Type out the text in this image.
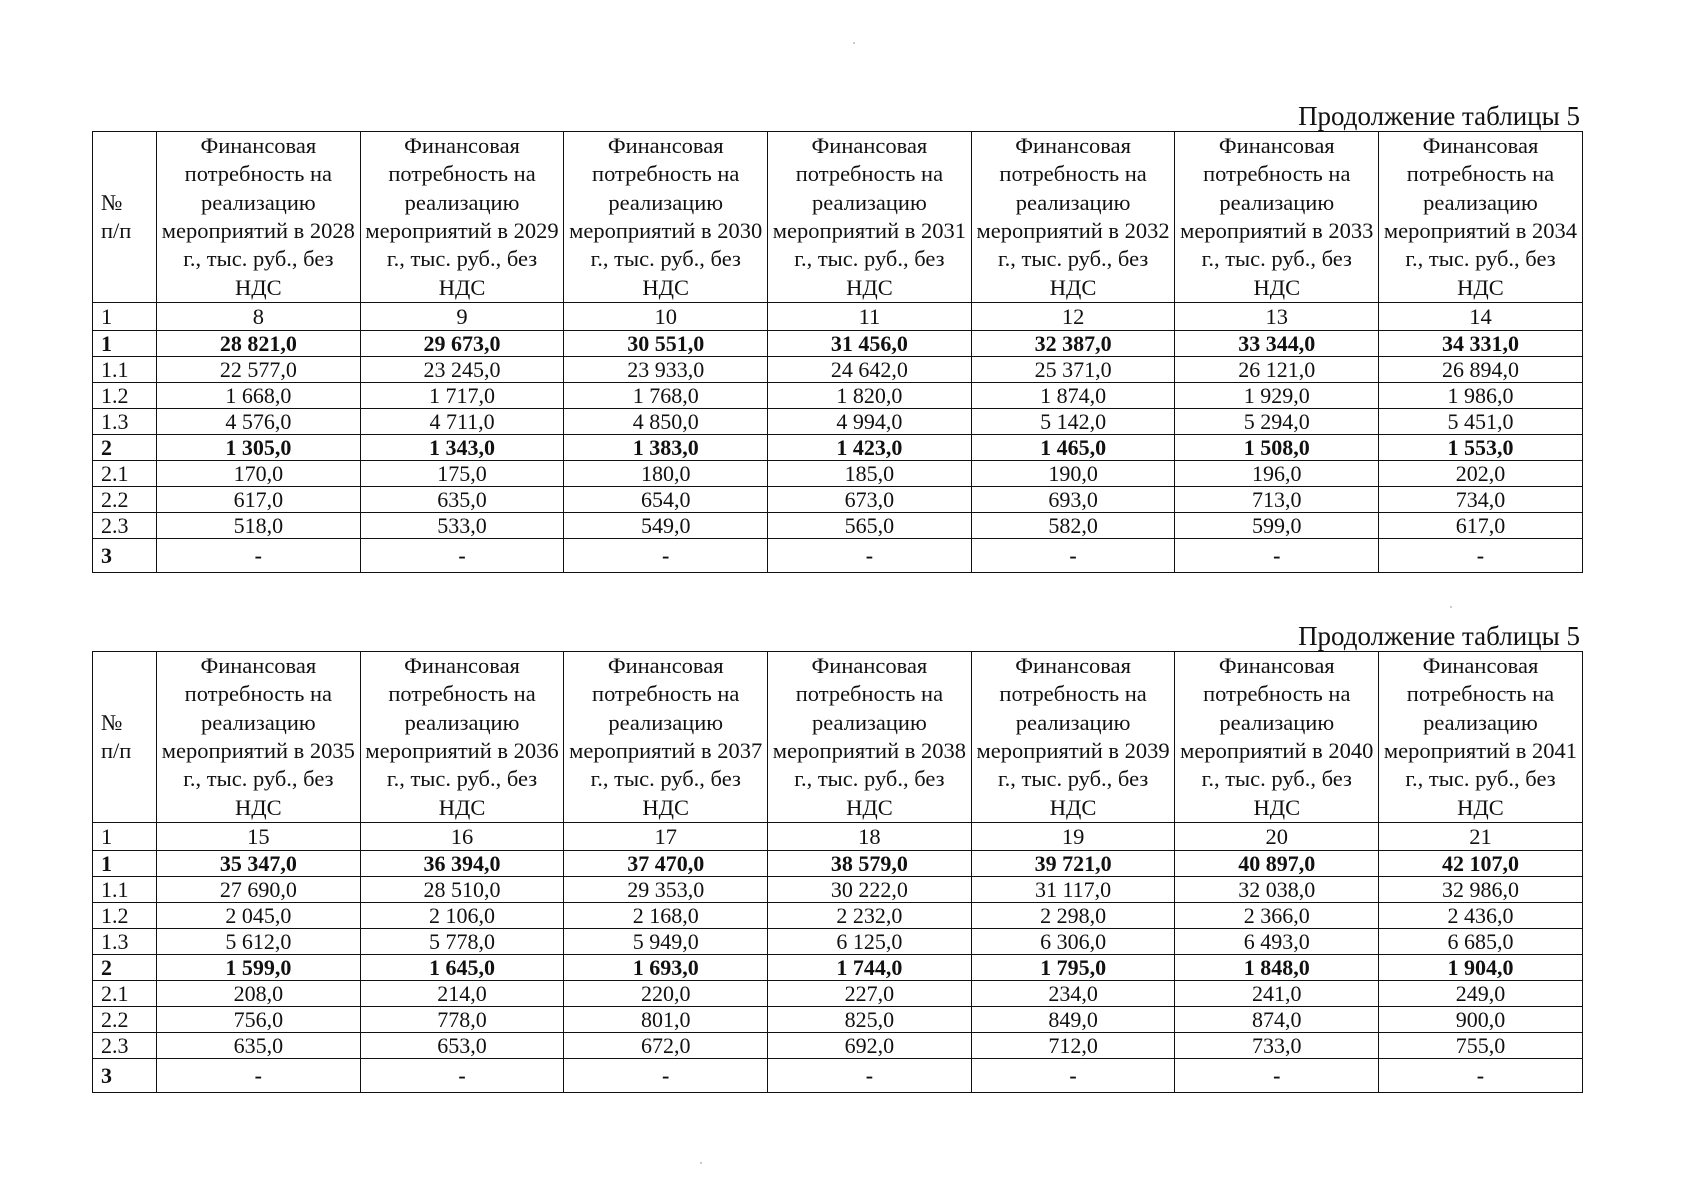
Продолжение таблицы 5
№
п/п	Финансовая потребность на реализацию мероприятий в 2028 г., тыс. руб., без НДС	Финансовая потребность на реализацию мероприятий в 2029 г., тыс. руб., без НДС	Финансовая потребность на реализацию мероприятий в 2030 г., тыс. руб., без НДС	Финансовая потребность на реализацию мероприятий в 2031 г., тыс. руб., без НДС	Финансовая потребность на реализацию мероприятий в 2032 г., тыс. руб., без НДС	Финансовая потребность на реализацию мероприятий в 2033 г., тыс. руб., без НДС	Финансовая потребность на реализацию мероприятий в 2034 г., тыс. руб., без НДС
1	8	9	10	11	12	13	14
1	28 821,0	29 673,0	30 551,0	31 456,0	32 387,0	33 344,0	34 331,0
1.1	22 577,0	23 245,0	23 933,0	24 642,0	25 371,0	26 121,0	26 894,0
1.2	1 668,0	1 717,0	1 768,0	1 820,0	1 874,0	1 929,0	1 986,0
1.3	4 576,0	4 711,0	4 850,0	4 994,0	5 142,0	5 294,0	5 451,0
2	1 305,0	1 343,0	1 383,0	1 423,0	1 465,0	1 508,0	1 553,0
2.1	170,0	175,0	180,0	185,0	190,0	196,0	202,0
2.2	617,0	635,0	654,0	673,0	693,0	713,0	734,0
2.3	518,0	533,0	549,0	565,0	582,0	599,0	617,0
3	-	-	-	-	-	-	-
Продолжение таблицы 5
№
п/п	Финансовая потребность на реализацию мероприятий в 2035 г., тыс. руб., без НДС	Финансовая потребность на реализацию мероприятий в 2036 г., тыс. руб., без НДС	Финансовая потребность на реализацию мероприятий в 2037 г., тыс. руб., без НДС	Финансовая потребность на реализацию мероприятий в 2038 г., тыс. руб., без НДС	Финансовая потребность на реализацию мероприятий в 2039 г., тыс. руб., без НДС	Финансовая потребность на реализацию мероприятий в 2040 г., тыс. руб., без НДС	Финансовая потребность на реализацию мероприятий в 2041 г., тыс. руб., без НДС
1	15	16	17	18	19	20	21
1	35 347,0	36 394,0	37 470,0	38 579,0	39 721,0	40 897,0	42 107,0
1.1	27 690,0	28 510,0	29 353,0	30 222,0	31 117,0	32 038,0	32 986,0
1.2	2 045,0	2 106,0	2 168,0	2 232,0	2 298,0	2 366,0	2 436,0
1.3	5 612,0	5 778,0	5 949,0	6 125,0	6 306,0	6 493,0	6 685,0
2	1 599,0	1 645,0	1 693,0	1 744,0	1 795,0	1 848,0	1 904,0
2.1	208,0	214,0	220,0	227,0	234,0	241,0	249,0
2.2	756,0	778,0	801,0	825,0	849,0	874,0	900,0
2.3	635,0	653,0	672,0	692,0	712,0	733,0	755,0
3	-	-	-	-	-	-	-
